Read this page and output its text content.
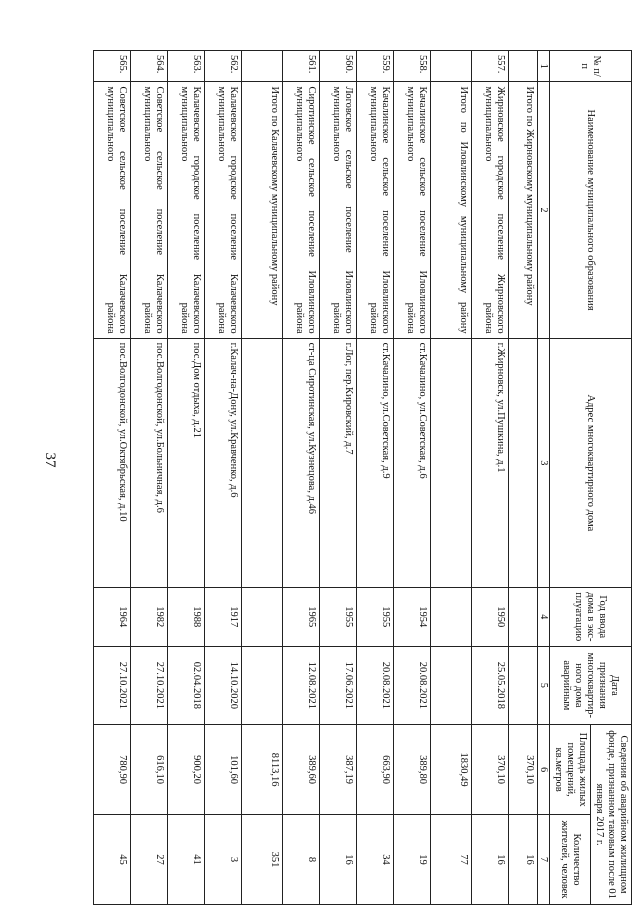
37
№ п/п	Наименование муниципального образования	Адрес многоквартирного дома	Год ввода дома в экс-плуатацию	Дата признания многоквартир-ного дома аварийным	Сведения об аварийном жилищном фонде, признанном таковым после 01 января 2017 г.	
					Площадь жилых помещений, кв.метров	Количество жителей, человек
1	2	3	4	5	6	7
	Итого по Жирновскому муниципальному району				370,10	16
557.	Жирновское городское поселение Жирновского муниципального района	г.Жирновск, ул.Пушкина, д.1	1950	25.05.2018	370,10	16
	Итого по Иловлинскому муниципальному району				1830,49	77
558.	Качалинское сельское поселение Иловлинского муниципального района	ст.Качалино, ул.Советская, д.6	1954	20.08.2021	389,80	19
559.	Качалинское сельское поселение Иловлинского муниципального района	ст.Качалино, ул.Советская, д.9	1955	20.08.2021	663,90	34
560.	Логовское сельское поселение Иловлинского муниципального района	г.Лог, пер.Кировский, д.7	1955	17.06.2021	387,19	16
561.	Сиротинское сельское поселение Иловлинского муниципального района	ст-ца Сиротинская, ул.Кузнецова, д.46	1965	12.08.2021	389,60	8
	Итого по Калачевскому муниципальному району				8113,16	351
562.	Калачевское городское поселение Калачевского муниципального района	г.Калач-на-Дону, ул.Кравченко, д.6	1917	14.10.2020	101,60	3
563.	Калачевское городское поселение Калачевского муниципального района	пос.Дом отдыха, д.21	1988	02.04.2018	900,20	41
564.	Советское сельское поселение Калачевского муниципального района	пос.Волгодонской, ул.Больничная, д.6	1982	27.10.2021	616,10	27
565.	Советское сельское поселение Калачевского муниципального района	пос.Волгодонской, ул.Октябрьская, д.10	1964	27.10.2021	780,90	45
